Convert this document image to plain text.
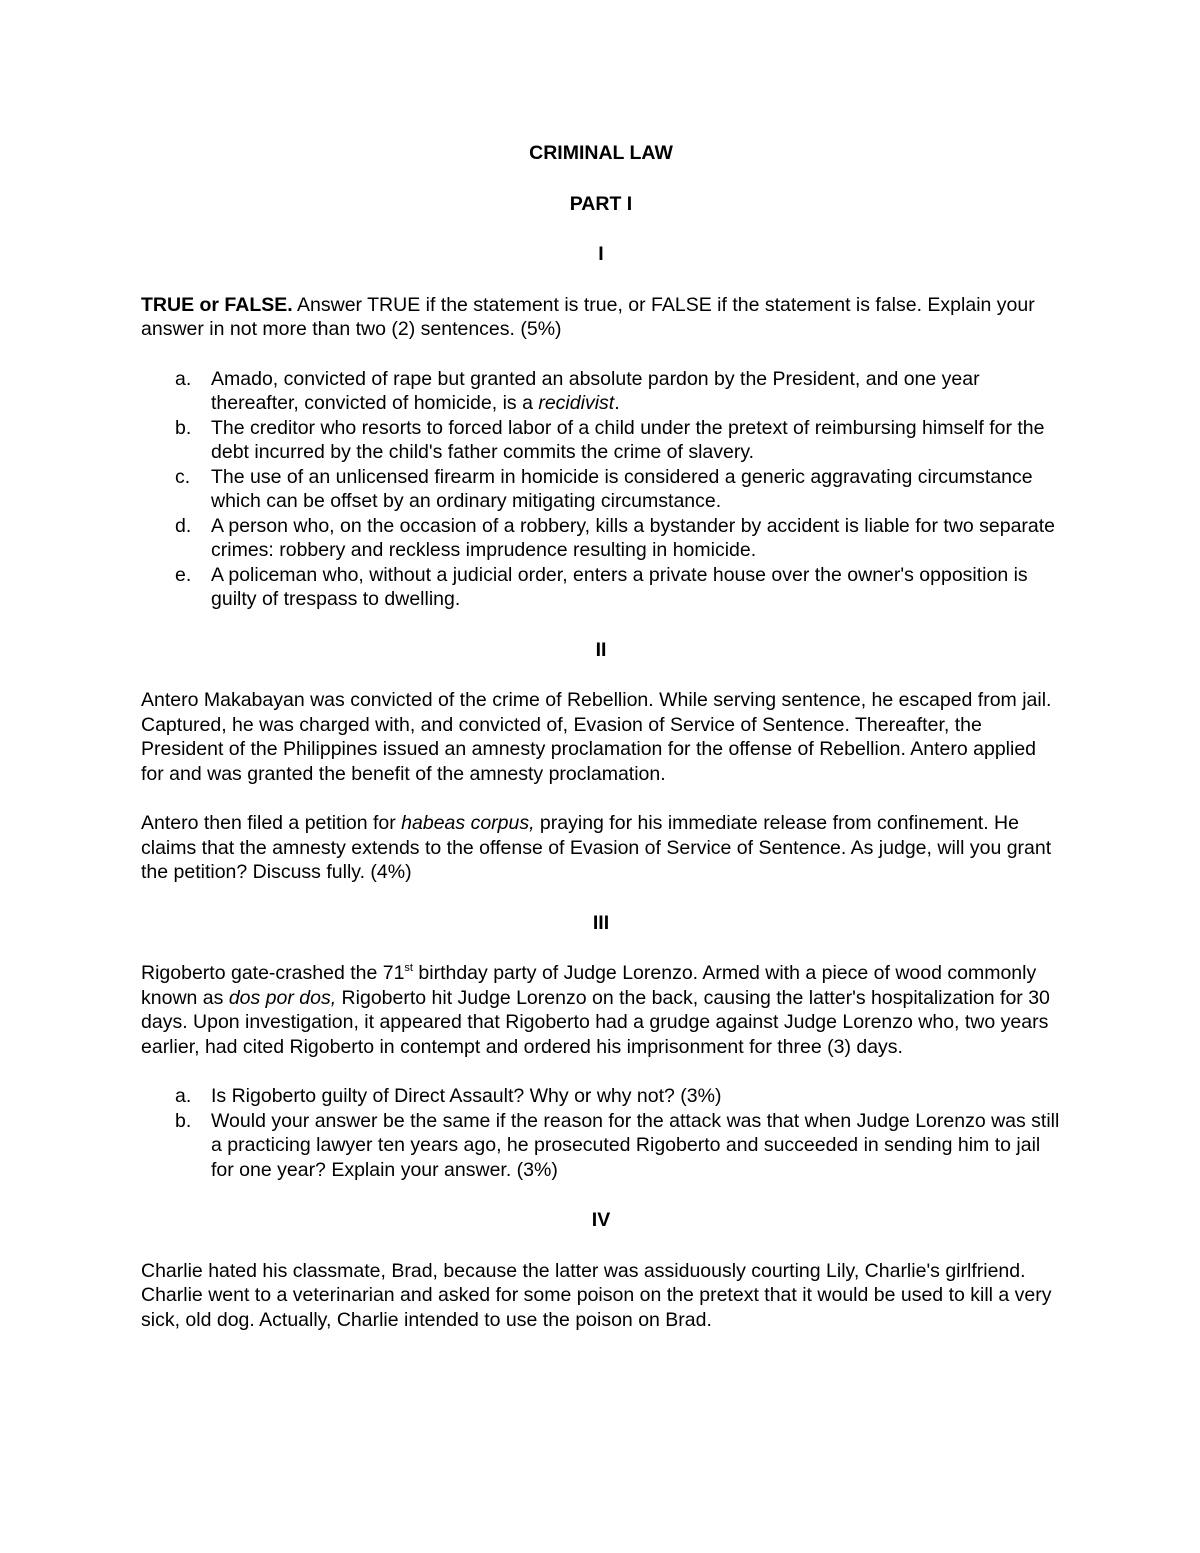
CRIMINAL LAW

PART I

I

TRUE or FALSE. Answer TRUE if the statement is true, or FALSE if the statement is false. Explain your answer in not more than two (2) sentences. (5%)

a. Amado, convicted of rape but granted an absolute pardon by the President, and one year thereafter, convicted of homicide, is a recidivist.
b. The creditor who resorts to forced labor of a child under the pretext of reimbursing himself for the debt incurred by the child's father commits the crime of slavery.
c. The use of an unlicensed firearm in homicide is considered a generic aggravating circumstance which can be offset by an ordinary mitigating circumstance.
d. A person who, on the occasion of a robbery, kills a bystander by accident is liable for two separate crimes: robbery and reckless imprudence resulting in homicide.
e. A policeman who, without a judicial order, enters a private house over the owner's opposition is guilty of trespass to dwelling.

II

Antero Makabayan was convicted of the crime of Rebellion. While serving sentence, he escaped from jail. Captured, he was charged with, and convicted of, Evasion of Service of Sentence. Thereafter, the President of the Philippines issued an amnesty proclamation for the offense of Rebellion. Antero applied for and was granted the benefit of the amnesty proclamation.

Antero then filed a petition for habeas corpus, praying for his immediate release from confinement. He claims that the amnesty extends to the offense of Evasion of Service of Sentence. As judge, will you grant the petition? Discuss fully. (4%)

III

Rigoberto gate-crashed the 71st birthday party of Judge Lorenzo. Armed with a piece of wood commonly known as dos por dos, Rigoberto hit Judge Lorenzo on the back, causing the latter's hospitalization for 30 days. Upon investigation, it appeared that Rigoberto had a grudge against Judge Lorenzo who, two years earlier, had cited Rigoberto in contempt and ordered his imprisonment for three (3) days.

a. Is Rigoberto guilty of Direct Assault? Why or why not? (3%)
b. Would your answer be the same if the reason for the attack was that when Judge Lorenzo was still a practicing lawyer ten years ago, he prosecuted Rigoberto and succeeded in sending him to jail for one year? Explain your answer. (3%)

IV

Charlie hated his classmate, Brad, because the latter was assiduously courting Lily, Charlie's girlfriend. Charlie went to a veterinarian and asked for some poison on the pretext that it would be used to kill a very sick, old dog. Actually, Charlie intended to use the poison on Brad.
